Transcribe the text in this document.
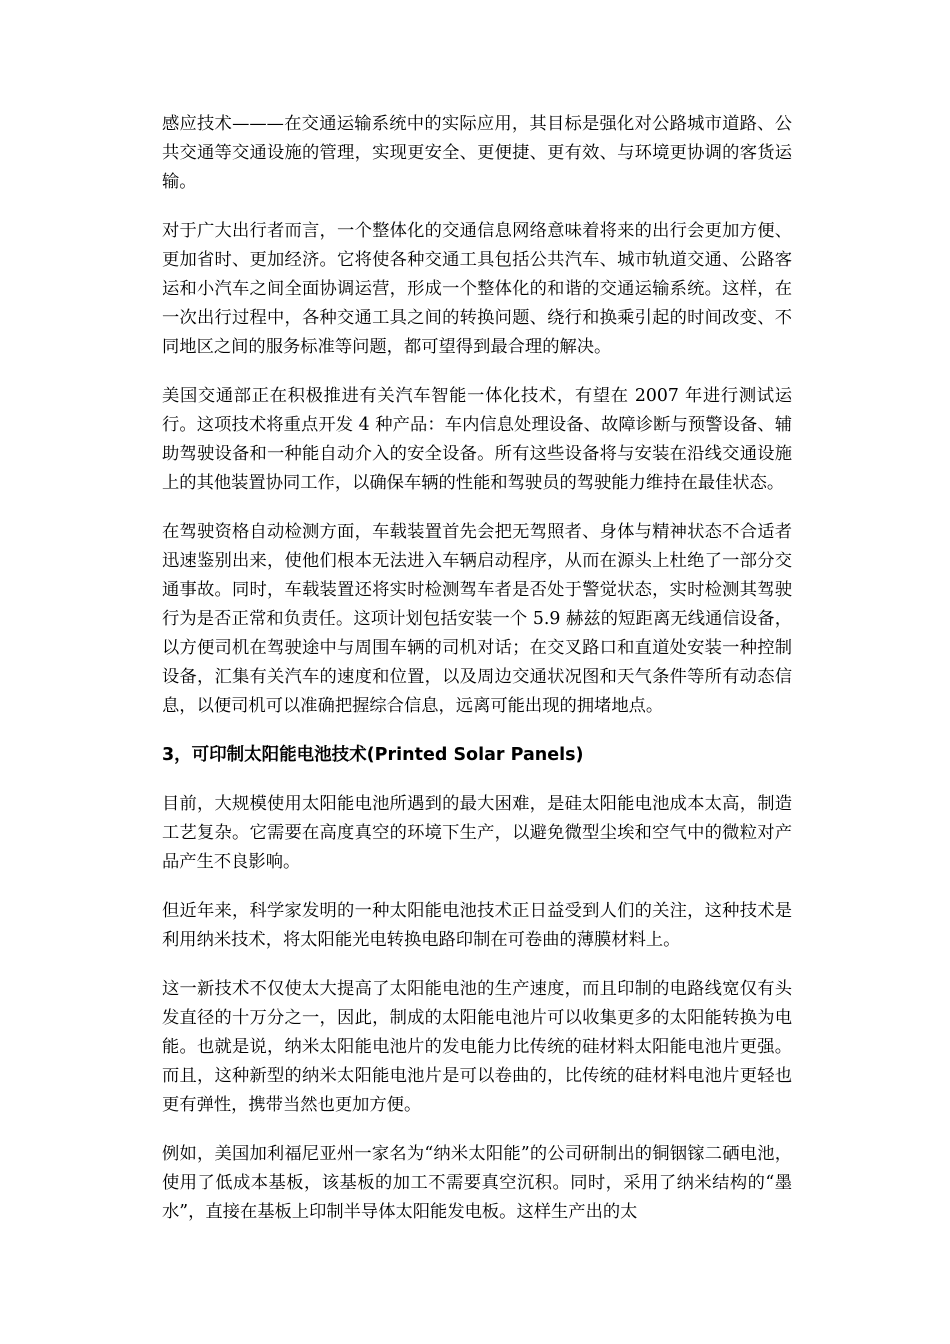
感应技术———在交通运输系统中的实际应用，其目标是强化对公路城市道路、公共交通等交通设施的管理，实现更安全、更便捷、更有效、与环境更协调的客货运输。

对于广大出行者而言，一个整体化的交通信息网络意味着将来的出行会更加方便、更加省时、更加经济。它将使各种交通工具包括公共汽车、城市轨道交通、公路客运和小汽车之间全面协调运营，形成一个整体化的和谐的交通运输系统。这样，在一次出行过程中，各种交通工具之间的转换问题、绕行和换乘引起的时间改变、不同地区之间的服务标准等问题，都可望得到最合理的解决。

美国交通部正在积极推进有关汽车智能一体化技术，有望在 2007 年进行测试运行。这项技术将重点开发 4 种产品：车内信息处理设备、故障诊断与预警设备、辅助驾驶设备和一种能自动介入的安全设备。所有这些设备将与安装在沿线交通设施上的其他装置协同工作，以确保车辆的性能和驾驶员的驾驶能力维持在最佳状态。

在驾驶资格自动检测方面，车载装置首先会把无驾照者、身体与精神状态不合适者迅速鉴别出来，使他们根本无法进入车辆启动程序，从而在源头上杜绝了一部分交通事故。同时，车载装置还将实时检测驾车者是否处于警觉状态，实时检测其驾驶行为是否正常和负责任。这项计划包括安装一个 5.9 赫兹的短距离无线通信设备，以方便司机在驾驶途中与周围车辆的司机对话；在交叉路口和直道处安装一种控制设备，汇集有关汽车的速度和位置，以及周边交通状况图和天气条件等所有动态信息，以便司机可以准确把握综合信息，远离可能出现的拥堵地点。

3，可印制太阳能电池技术(Printed Solar Panels)

目前，大规模使用太阳能电池所遇到的最大困难，是硅太阳能电池成本太高，制造工艺复杂。它需要在高度真空的环境下生产，以避免微型尘埃和空气中的微粒对产品产生不良影响。

但近年来，科学家发明的一种太阳能电池技术正日益受到人们的关注，这种技术是利用纳米技术，将太阳能光电转换电路印制在可卷曲的薄膜材料上。

这一新技术不仅使太大提高了太阳能电池的生产速度，而且印制的电路线宽仅有头发直径的十万分之一，因此，制成的太阳能电池片可以收集更多的太阳能转换为电能。也就是说，纳米太阳能电池片的发电能力比传统的硅材料太阳能电池片更强。而且，这种新型的纳米太阳能电池片是可以卷曲的，比传统的硅材料电池片更轻也更有弹性，携带当然也更加方便。

例如，美国加利福尼亚州一家名为“纳米太阳能”的公司研制出的铜铟镓二硒电池，使用了低成本基板，该基板的加工不需要真空沉积。同时，采用了纳米结构的“墨水”，直接在基板上印制半导体太阳能发电板。这样生产出的太
